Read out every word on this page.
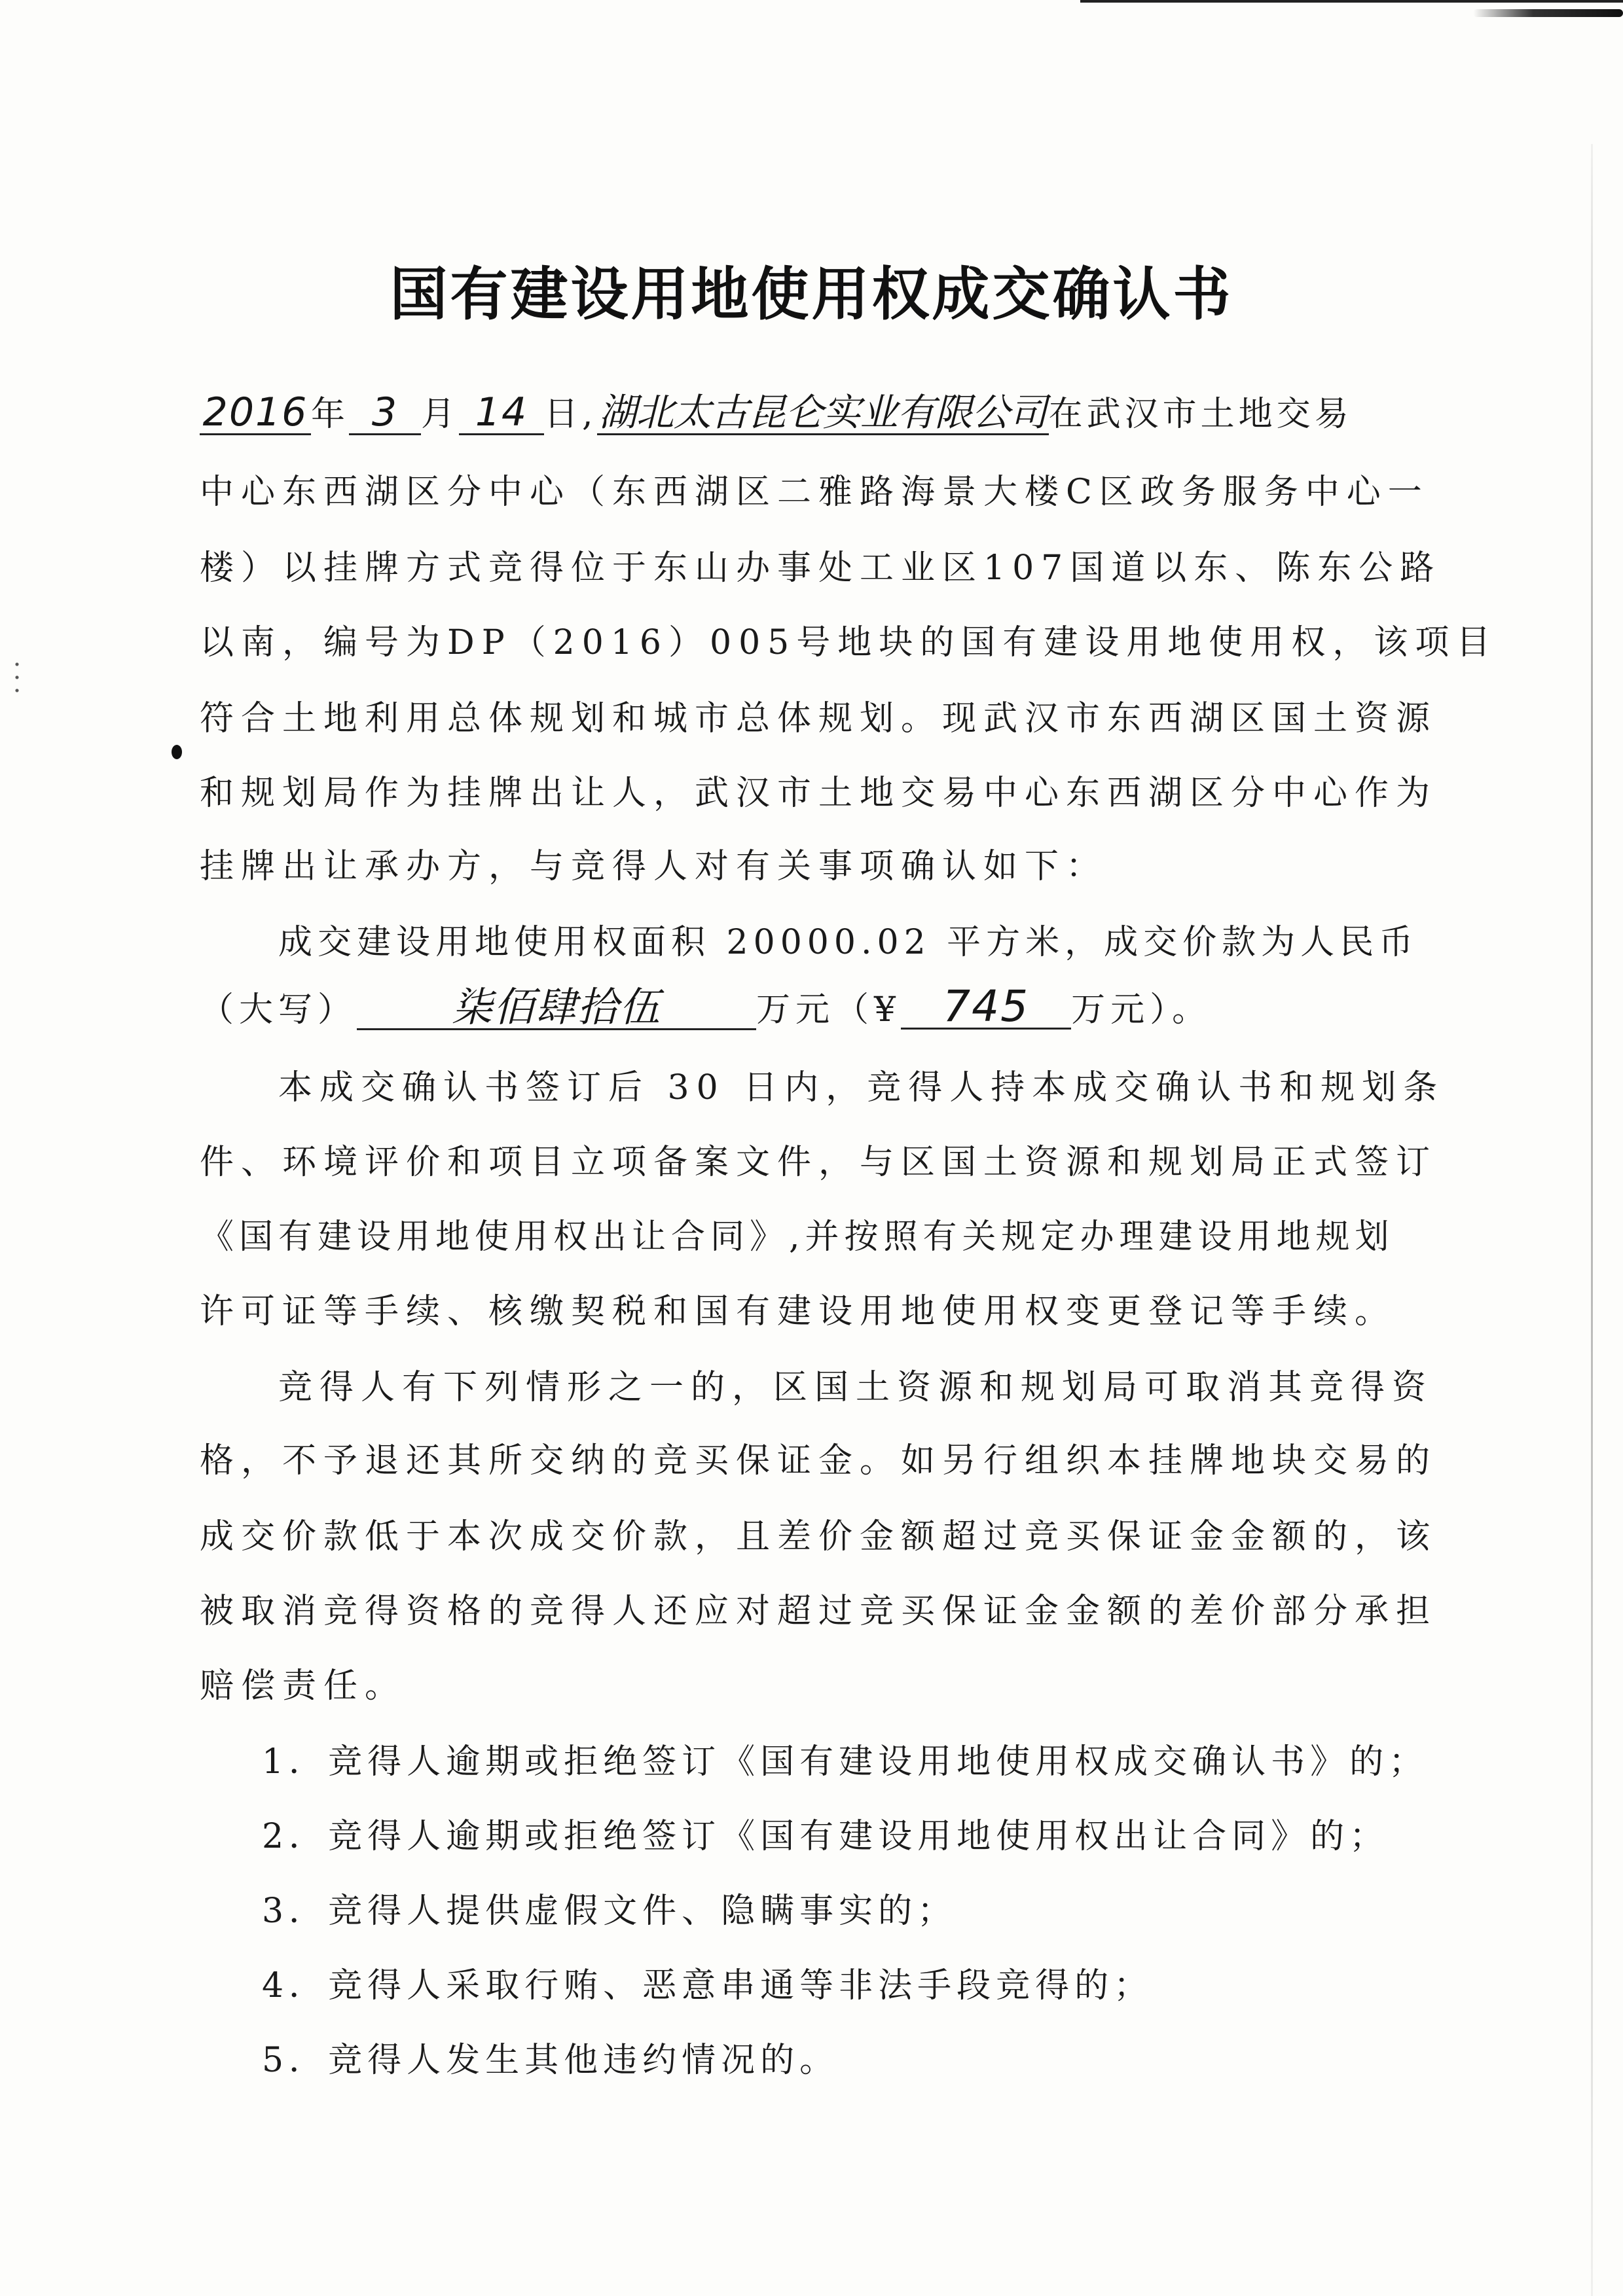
国有建设用地使用权成交确认书
2016年 3 月 14 日,湖北太古昆仑实业有限公司在武汉市土地交易
中心东西湖区分中心（东西湖区二雅路海景大楼C区政务服务中心一
楼）以挂牌方式竞得位于东山办事处工业区107国道以东、陈东公路
以南，编号为DP（2016）005号地块的国有建设用地使用权，该项目
符合土地利用总体规划和城市总体规划。现武汉市东西湖区国土资源
和规划局作为挂牌出让人，武汉市土地交易中心东西湖区分中心作为
挂牌出让承办方，与竞得人对有关事项确认如下：
成交建设用地使用权面积 20000.02 平方米，成交价款为人民币
（大写） 柒佰肆拾伍	万元（¥ 745 万元）。
本成交确认书签订后 30 日内，竞得人持本成交确认书和规划条
件、环境评价和项目立项备案文件，与区国土资源和规划局正式签订
《国有建设用地使用权出让合同》,并按照有关规定办理建设用地规划
许可证等手续、核缴契税和国有建设用地使用权变更登记等手续。
竞得人有下列情形之一的，区国土资源和规划局可取消其竞得资
格，不予退还其所交纳的竞买保证金。如另行组织本挂牌地块交易的
成交价款低于本次成交价款，且差价金额超过竞买保证金金额的，该
被取消竞得资格的竞得人还应对超过竞买保证金金额的差价部分承担
赔偿责任。
1．竞得人逾期或拒绝签订《国有建设用地使用权成交确认书》的；
2．竞得人逾期或拒绝签订《国有建设用地使用权出让合同》的；
3．竞得人提供虚假文件、隐瞒事实的；
4．竞得人采取行贿、恶意串通等非法手段竞得的；
5．竞得人发生其他违约情况的。
